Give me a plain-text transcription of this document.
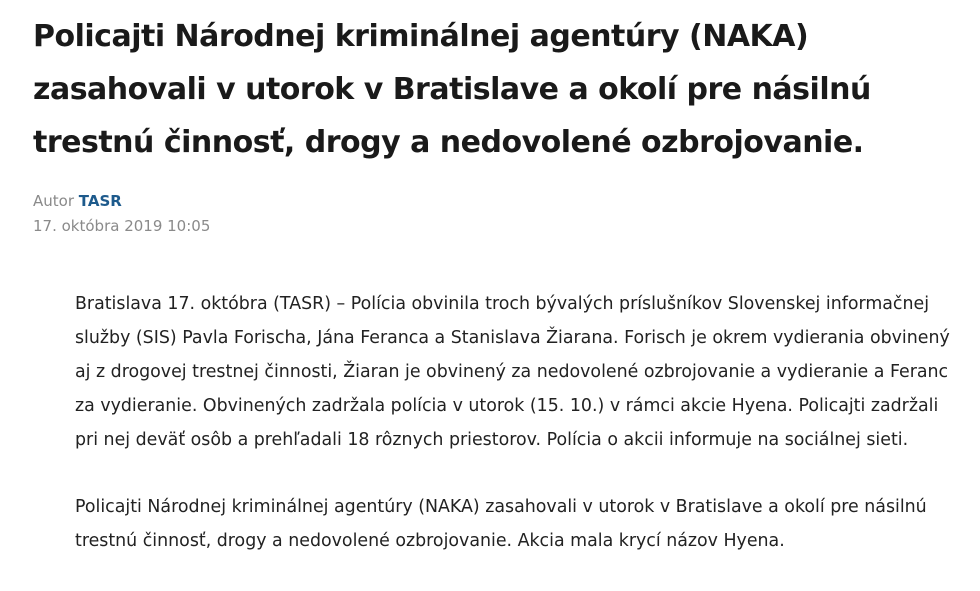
Policajti Národnej kriminálnej agentúry (NAKA) zasahovali v utorok v Bratislave a okolí pre násilnú trestnú činnosť, drogy a nedovolené ozbrojovanie.
Autor TASR
17. októbra 2019 10:05

Bratislava 17. októbra (TASR) – Polícia obvinila troch bývalých príslušníkov Slovenskej informačnej služby (SIS) Pavla Forischa, Jána Feranca a Stanislava Žiarana. Forisch je okrem vydierania obvinený aj z drogovej trestnej činnosti, Žiaran je obvinený za nedovolené ozbrojovanie a vydieranie a Feranc za vydieranie. Obvinených zadržala polícia v utorok (15. 10.) v rámci akcie Hyena. Policajti zadržali pri nej deväť osôb a prehľadali 18 rôznych priestorov. Polícia o akcii informuje na sociálnej sieti.

Policajti Národnej kriminálnej agentúry (NAKA) zasahovali v utorok v Bratislave a okolí pre násilnú trestnú činnosť, drogy a nedovolené ozbrojovanie. Akcia mala krycí názov Hyena.
